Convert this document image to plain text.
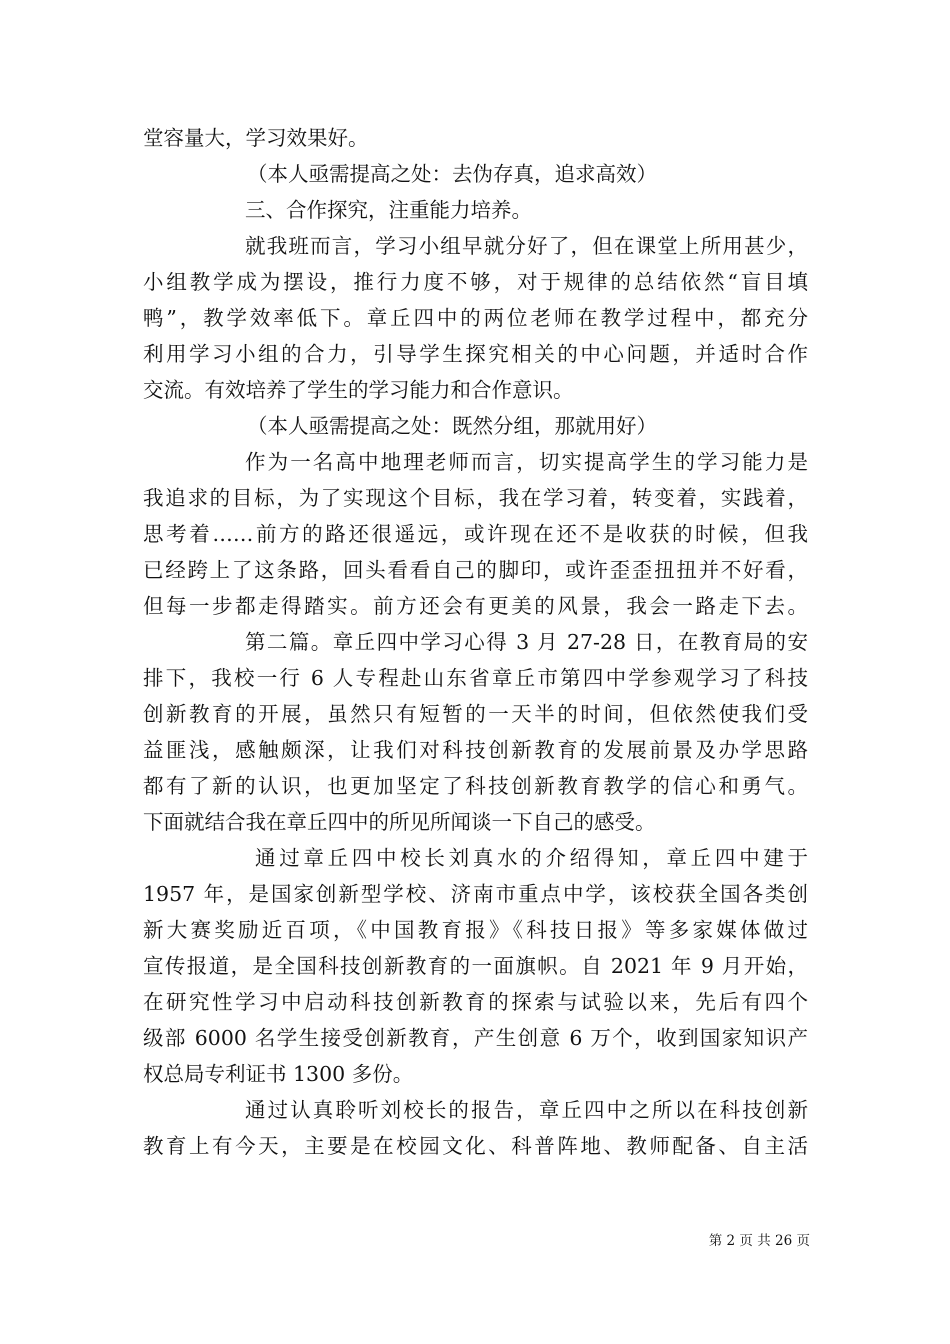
堂容量大，学习效果好。

（本人亟需提高之处：去伪存真，追求高效）

三、合作探究，注重能力培养。

就我班而言，学习小组早就分好了，但在课堂上所用甚少，

小组教学成为摆设，推行力度不够，对于规律的总结依然“盲目填

鸭”，教学效率低下。章丘四中的两位老师在教学过程中，都充分

利用学习小组的合力，引导学生探究相关的中心问题，并适时合作

交流。有效培养了学生的学习能力和合作意识。

（本人亟需提高之处：既然分组，那就用好）

作为一名高中地理老师而言，切实提高学生的学习能力是

我追求的目标，为了实现这个目标，我在学习着，转变着，实践着，

思考着……前方的路还很遥远，或许现在还不是收获的时候，但我

已经跨上了这条路，回头看看自己的脚印，或许歪歪扭扭并不好看，

但每一步都走得踏实。前方还会有更美的风景，我会一路走下去。

第二篇。章丘四中学习心得 3 月 27-28 日，在教育局的安

排下，我校一行 6 人专程赴山东省章丘市第四中学参观学习了科技

创新教育的开展，虽然只有短暂的一天半的时间，但依然使我们受

益匪浅，感触颇深，让我们对科技创新教育的发展前景及办学思路

都有了新的认识，也更加坚定了科技创新教育教学的信心和勇气。

下面就结合我在章丘四中的所见所闻谈一下自己的感受。

通过章丘四中校长刘真水的介绍得知，章丘四中建于

1957 年，是国家创新型学校、济南市重点中学，该校获全国各类创

新大赛奖励近百项，《中国教育报》《科技日报》等多家媒体做过

宣传报道，是全国科技创新教育的一面旗帜。自 2021 年 9 月开始，

在研究性学习中启动科技创新教育的探索与试验以来，先后有四个

级部 6000 名学生接受创新教育，产生创意 6 万个，收到国家知识产

权总局专利证书 1300 多份。

通过认真聆听刘校长的报告，章丘四中之所以在科技创新

教育上有今天，主要是在校园文化、科普阵地、教师配备、自主活

第 2 页 共 26 页
